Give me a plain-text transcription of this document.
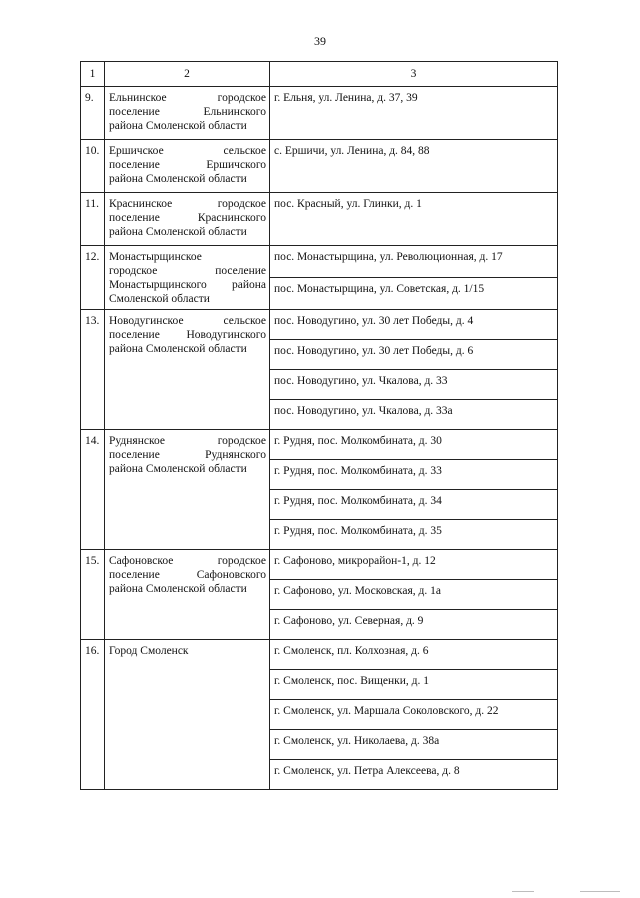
39
1	2	3
9.	Ельнинское городское
поселение Ельнинского
района Смоленской области	г. Ельня, ул. Ленина, д. 37, 39
10.	Ершичское сельское
поселение Ершичского
района Смоленской области	с. Ершичи, ул. Ленина, д. 84, 88
11.	Краснинское городское
поселение Краснинского
района Смоленской области	пос. Красный, ул. Глинки, д. 1
12.	Монастырщинское
городское поселение
Монастырщинского района
Смоленской области	пос. Монастырщина, ул. Революционная, д. 17
		пос. Монастырщина, ул. Советская, д. 1/15
13.	Новодугинское сельское
поселение Новодугинского
района Смоленской области	пос. Новодугино, ул. 30 лет Победы, д. 4
		пос. Новодугино, ул. 30 лет Победы, д. 6
		пос. Новодугино, ул. Чкалова, д. 33
		пос. Новодугино, ул. Чкалова, д. 33а
14.	Руднянское городское
поселение Руднянского
района Смоленской области	г. Рудня, пос. Молкомбината, д. 30
		г. Рудня, пос. Молкомбината, д. 33
		г. Рудня, пос. Молкомбината, д. 34
		г. Рудня, пос. Молкомбината, д. 35
15.	Сафоновское городское
поселение Сафоновского
района Смоленской области	г. Сафоново, микрорайон-1, д. 12
		г. Сафоново, ул. Московская, д. 1а
		г. Сафоново, ул. Северная, д. 9
16.	Город Смоленск	г. Смоленск, пл. Колхозная, д. 6
		г. Смоленск, пос. Вищенки, д. 1
		г. Смоленск, ул. Маршала Соколовского, д. 22
		г. Смоленск, ул. Николаева, д. 38а
		г. Смоленск, ул. Петра Алексеева, д. 8
